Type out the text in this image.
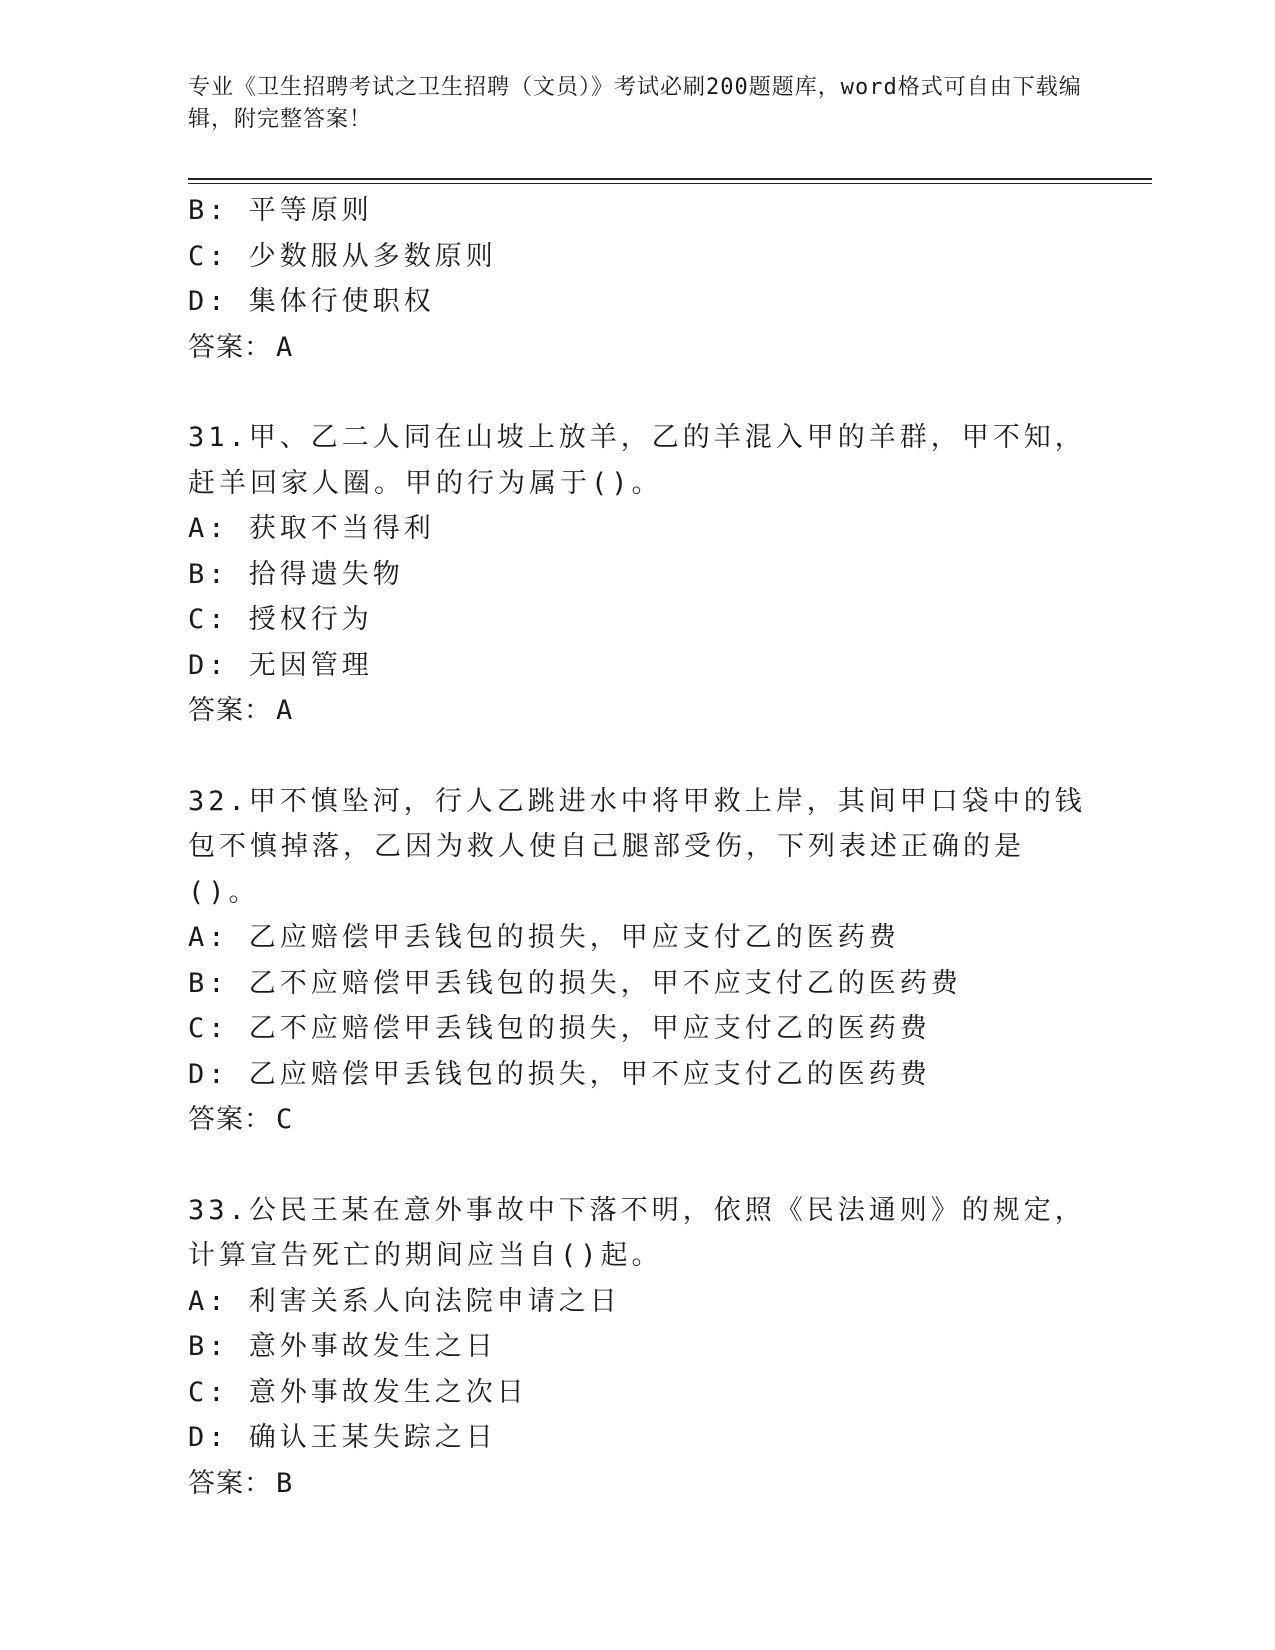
专业《卫生招聘考试之卫生招聘（文员）》考试必刷200题题库，word格式可自由下载编辑，附完整答案！
B: 平等原则
C: 少数服从多数原则
D: 集体行使职权
答案： A
31.甲、乙二人同在山坡上放羊，乙的羊混入甲的羊群，甲不知，赶羊回家人圈。甲的行为属于()。
A: 获取不当得利
B: 拾得遗失物
C: 授权行为
D: 无因管理
答案： A
32.甲不慎坠河，行人乙跳进水中将甲救上岸，其间甲口袋中的钱包不慎掉落，乙因为救人使自己腿部受伤，下列表述正确的是()。
A: 乙应赔偿甲丢钱包的损失，甲应支付乙的医药费
B: 乙不应赔偿甲丢钱包的损失，甲不应支付乙的医药费
C: 乙不应赔偿甲丢钱包的损失，甲应支付乙的医药费
D: 乙应赔偿甲丢钱包的损失，甲不应支付乙的医药费
答案： C
33.公民王某在意外事故中下落不明，依照《民法通则》的规定，计算宣告死亡的期间应当自()起。
A: 利害关系人向法院申请之日
B: 意外事故发生之日
C: 意外事故发生之次日
D: 确认王某失踪之日
答案： B
